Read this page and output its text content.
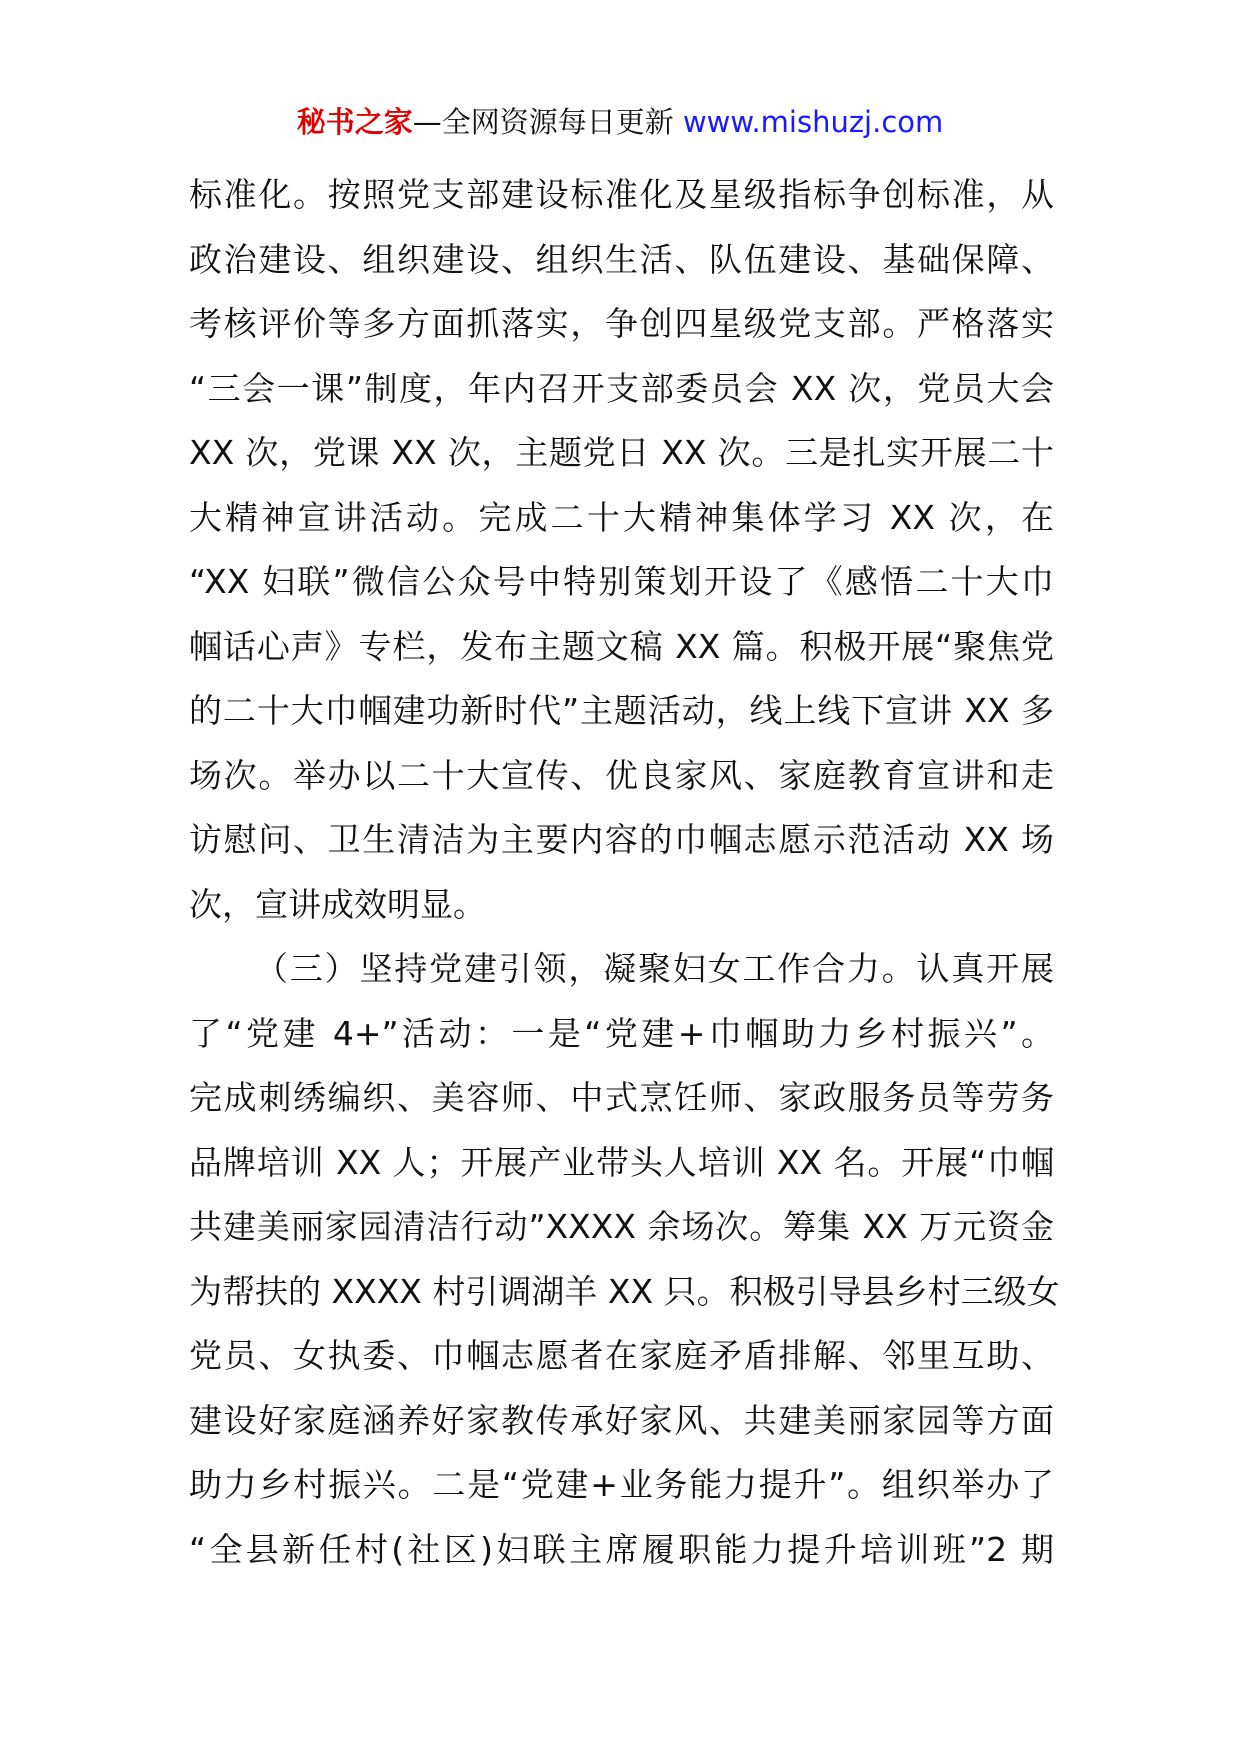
秘书之家—全网资源每日更新 www.mishuzj.com
标准化。按照党支部建设标准化及星级指标争创标准，从
政治建设、组织建设、组织生活、队伍建设、基础保障、
考核评价等多方面抓落实，争创四星级党支部。严格落实
“三会一课”制度，年内召开支部委员会 XX 次，党员大会
XX 次，党课 XX 次，主题党日 XX 次。三是扎实开展二十
大精神宣讲活动。完成二十大精神集体学习 XX 次，在
“XX 妇联”微信公众号中特别策划开设了《感悟二十大巾
帼话心声》专栏，发布主题文稿 XX 篇。积极开展“聚焦党
的二十大巾帼建功新时代”主题活动，线上线下宣讲 XX 多
场次。举办以二十大宣传、优良家风、家庭教育宣讲和走
访慰问、卫生清洁为主要内容的巾帼志愿示范活动 XX 场
次，宣讲成效明显。
（三）坚持党建引领，凝聚妇女工作合力。认真开展
了“党建 4+”活动：一是“党建+巾帼助力乡村振兴”。
完成刺绣编织、美容师、中式烹饪师、家政服务员等劳务
品牌培训 XX 人；开展产业带头人培训 XX 名。开展“巾帼
共建美丽家园清洁行动”XXXX 余场次。筹集 XX 万元资金
为帮扶的 XXXX 村引调湖羊 XX 只。积极引导县乡村三级女
党员、女执委、巾帼志愿者在家庭矛盾排解、邻里互助、
建设好家庭涵养好家教传承好家风、共建美丽家园等方面
助力乡村振兴。二是“党建+业务能力提升”。组织举办了
“全县新任村(社区)妇联主席履职能力提升培训班”2 期
